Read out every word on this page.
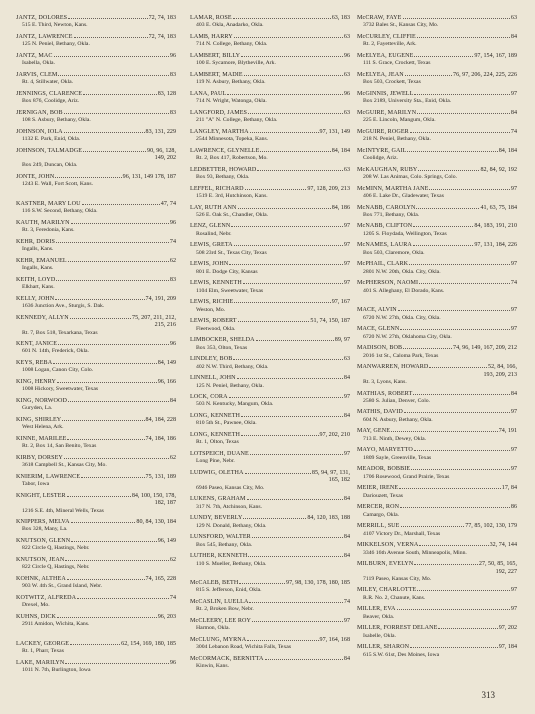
JANTZ, DOLORES	72, 74, 183
515 E. Third, Newton, Kans.
JANTZ, LAWRENCE	72, 74, 183
125 N. Peniel, Bethany, Okla.
JANTZ, MAC	96
Isabella, Okla.
JARVIS, CLEM	83
Rt. 4, Stillwater, Okla.
JENNINGS, CLARENCE	83, 128
Box 876, Coolidge, Ariz.
JERNIGAN, BOB	83
108 S. Asbury, Bethany, Okla.
JOHNSON, IOLA	83, 131, 229
1132 E. Park, Enid, Okla.
JOHNSON, TALMADGE	90, 96, 128,
149, 202
Box 249, Duncan, Okla.
JONTE, JOHN	96, 131, 149 178, 187
1243 E. Wall, Fort Scott, Kans.
KASTNER, MARY LOU	47, 74
116 S.W. Second, Bethany, Okla.
KAUTH, MARILYN	96
Rt. 3, Feredonia, Kans.
KEHR, DORIS	74
Ingalls, Kans.
KEHR, EMANUEL	62
Ingalls, Kans.
KEITH, LOYD	83
Elkhart, Kans.
KELLY, JOHN	74, 191, 209
1636 Junction Ave., Sturgis, S. Dak.
KENNEDY, ALLYN	75, 207, 211, 212,
215, 216
Rt. 7, Box 518, Texarkana, Texas
KENT, JANICE	96
601 N. 14th, Frederick, Okla.
KEYS, REBA	84, 149
1008 Logan, Canon City, Colo.
KING, HENRY	96, 166
1008 Hickory, Sweetwater, Texas
KING, NORWOOD	84
Guryden, La.
KING, SHIRLEY	84, 184, 228
West Helena, Ark.
KINNE, MARILEE	74, 184, 186
Rt. 2, Box 14, San Benito, Texas
KIRBY, DORSEY	62
3618 Campbell St., Kansas City, Mo.
KNIERIM, LAWRENCE	75, 131, 189
Tabor, Iowa
KNIGHT, LESTER	84, 100, 150, 178,
182, 187
1216 S.E. 4th, Mineral Wells, Texas
KNIPPERS, MELVA	80, 84, 130, 184
Box 328, Many, La.
KNUTSON, GLENN	96, 149
822 Circle Q, Hastings, Nebr.
KNUTSON, JEAN	62
822 Circle Q, Hastings, Nebr.
KOHNK, ALTHEA	74, 165, 228
903 W. 4th St., Grand Island, Nebr.
KOTWITZ, ALFREDA	74
Drexel, Mo.
KUHNS, DICK	96, 203
2911 Amidon, Wichita, Kans.
LACKEY, GEORGE	62, 154, 169, 180, 185
Rt. 1, Pharr, Texas
LAKE, MARILYN	96
1011 N. 7th, Burlington, Iowa
LAMAR, ROSE	63, 183
403 E. Okla, Anadarko, Okla.
LAMB, HARRY	63
714 N. College, Bethany, Okla.
LAMBERT, BILLY	96
100 E. Sycamore, Blytheville, Ark.
LAMBERT, MADIE	63
119 N. Asbury, Bethany, Okla.
LANA, PAUL	96
714 N. Wright, Watonga, Okla.
LANGFORD, JAMES	63
211 "A" N. College, Bethany, Okla.
LANGLEY, MARTHA	97, 131, 149
2544 Minnesota, Topeka, Kans.
LAWRENCE, GLYNELLE	84, 184
Rt. 2, Box 417, Robertson, Mo.
LEDBETTER, HOWARD	63
Box 93, Bethany, Okla.
LEFFEL, RICHARD	97, 128, 209, 213
1519 E. 3rd, Hutchinson, Kans.
LAY, RUTH ANN	84, 186
526 E. Oak St., Chandler, Okla.
LENZ, GLENN	97
Rosalind, Nebr.
LEWIS, GRETA	97
508 23rd St., Texas City, Texas
LEWIS, JOHN	97
801 E. Dodge City, Kansas
LEWIS, KENNETH	97
1104 Elm, Sweetwater, Texas
LEWIS, RICHIE	97, 167
Weston, Mo.
LEWIS, ROBERT	51, 74, 150, 187
Fleetwood, Okla.
LIMBOCKER, SHELDA	89, 97
Box 353, Olton, Texas
LINDLEY, BOB	63
402 N.W. Third, Bethany, Okla.
LINNELL, JOHN	84
125 N. Peniel, Bethany, Okla.
LOCK, CORA	97
503 N. Kentucky, Mangum, Okla.
LONG, KENNETH	84
810 5th St., Pawnee, Okla.
LONG, KENNETH	97, 202, 210
Rt. 1, Olton, Texas
LOTSPEICH, DUANE	97
Long Pine, Nebr.
LUDWIG, OLETHA	85, 94, 97, 131,
165, 182
6946 Paseo, Kansas City, Mo.
LUKENS, GRAHAM	84
317 N. 7th, Atchinson, Kans.
LUNDY, BEVERLY	84, 120, 183, 188
129 N. Donald, Bethany, Okla.
LUNSFORD, WALTER	84
Box 545, Bethany, Okla.
LUTHER, KENNETH	84
110 S. Mueller, Bethany, Okla.
McCALEB, BETH	97, 98, 130, 178, 180, 185
815 S. Jefferson, Enid, Okla.
McCASLIN, LUELLA	74
Rt. 2, Broken Bow, Nebr.
McCLEERY, LEE ROY	97
Harmon, Okla.
McCLUNG, MYRNA	97, 164, 168
3004 Lebanon Road, Wichita Falls, Texas
McCORMACK, BERNITTA	84
Kinwin, Kans.
McCRAW, FAYE	63
3732 Bales St., Kansas City, Mo.
McCURLEY, CLIFFIE	84
Rt. 2, Fayetteville, Ark.
McELYEA, EUGENE	97, 154, 167, 189
111 S. Grace, Crockett, Texas
McELYEA, JEAN	76, 97, 206, 224, 225, 226
Box 503, Crockett, Texas
McGINNIS, JEWELL	97
Box 2189, University Sta., Enid, Okla.
McGUIRE, MARILYN	84
225 E. Lincoln, Mangum, Okla.
McGUIRE, ROGER	74
218 N. Peniel, Bethany, Okla.
McINTYRE, GAIL	84, 184
Coolidge, Ariz.
McKAUGHAN, RUBY	82, 84, 92, 192
208 W. Las Animas, Colo. Springs, Colo.
McMINN, MARTHA JANE	97
406 E. Lake Dr., Gladewater, Texas
McNABB, CAROLYN	41, 63, 75, 184
Box 771, Bethany, Okla.
McNABB, CLIFTON	84, 183, 191, 210
1205 S. Floydada, Wellington, Texas
McNAMES, LAURA	97, 131, 184, 226
Box 503, Claremore, Okla.
McPHAIL, CLARK	97
2801 N.W. 20th, Okla. City, Okla.
McPHERSON, NAOMI	74
401 S. Alleghany, El Dorado, Kans.
MACE, ALVIN	97
6720 N.W. 27th, Okla. City, Okla.
MACE, GLENN	97
6720 N.W. 27th, Oklahoma City, Okla.
MADISON, BOB	74, 96, 149, 167, 209, 212
2016 1st St., Caloma Park, Texas
MANWARREN, HOWARD	52, 84, 166,
193, 209, 213
Rt. 3, Lyons, Kans.
MATHIAS, ROBERT	84
2580 S. Julian, Denver, Colo.
MATHIS, DAVID	97
604 N. Asbury, Bethany, Okla.
MAY, GENE	74, 191
713 E. Ninth, Dewey, Okla.
MAYO, MARYETTO	97
1809 Sayle, Greenville, Texas
MEADOR, BOBBIE	97
1706 Rosewood, Grand Prairie, Texas
MEIER, IRENE	17, 84
Dariouzett, Texas
MERCER, RON	86
Camargo, Okla.
MERRILL, SUE	77, 85, 102, 130, 179
4107 Victory Dr., Marshall, Texas
MIKKELSON, VERNA	32, 74, 144
3346 16th Avenue South, Minneapolis, Minn.
MILBURN, EVELYN	27, 50, 85, 165,
192, 227
7119 Paseo, Kansas City, Mo.
MILEY, CHARLOTTE	97
R.R. No. 2, Chanute, Kans.
MILLER, EVA	97
Beaver, Okla.
MILLER, FORREST DELANE	97, 202
Isabelle, Okla.
MILLER, SHARON	97, 184
615 S.W. 61st, Des Moines, Iowa
313
